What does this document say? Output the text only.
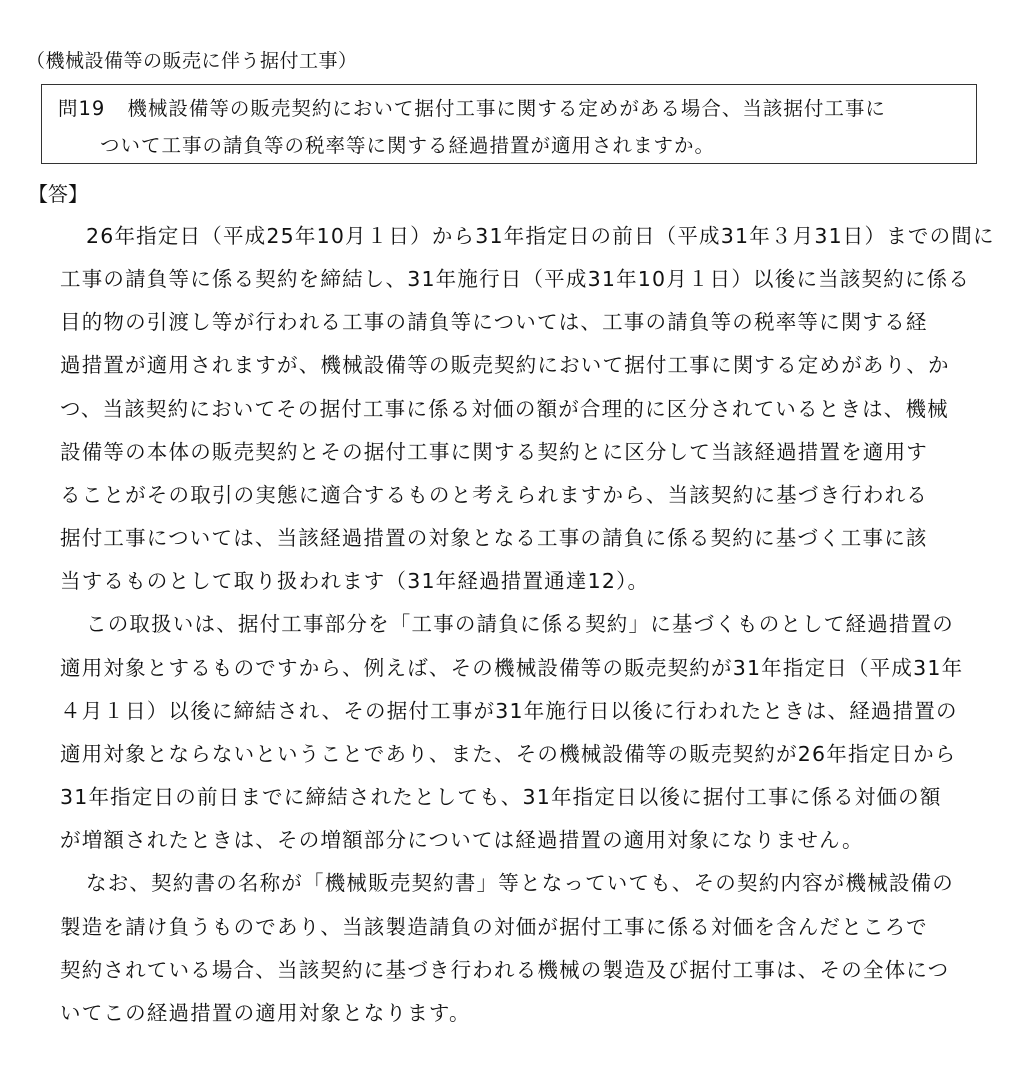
（機械設備等の販売に伴う据付工事）
問19 機械設備等の販売契約において据付工事に関する定めがある場合、当該据付工事に
ついて工事の請負等の税率等に関する経過措置が適用されますか。
【答】
26年指定日（平成25年10月１日）から31年指定日の前日（平成31年３月31日）までの間に
工事の請負等に係る契約を締結し、31年施行日（平成31年10月１日）以後に当該契約に係る
目的物の引渡し等が行われる工事の請負等については、工事の請負等の税率等に関する経
過措置が適用されますが、機械設備等の販売契約において据付工事に関する定めがあり、か
つ、当該契約においてその据付工事に係る対価の額が合理的に区分されているときは、機械
設備等の本体の販売契約とその据付工事に関する契約とに区分して当該経過措置を適用す
ることがその取引の実態に適合するものと考えられますから、当該契約に基づき行われる
据付工事については、当該経過措置の対象となる工事の請負に係る契約に基づく工事に該
当するものとして取り扱われます（31年経過措置通達12）。
この取扱いは、据付工事部分を「工事の請負に係る契約」に基づくものとして経過措置の
適用対象とするものですから、例えば、その機械設備等の販売契約が31年指定日（平成31年
４月１日）以後に締結され、その据付工事が31年施行日以後に行われたときは、経過措置の
適用対象とならないということであり、また、その機械設備等の販売契約が26年指定日から
31年指定日の前日までに締結されたとしても、31年指定日以後に据付工事に係る対価の額
が増額されたときは、その増額部分については経過措置の適用対象になりません。
なお、契約書の名称が「機械販売契約書」等となっていても、その契約内容が機械設備の
製造を請け負うものであり、当該製造請負の対価が据付工事に係る対価を含んだところで
契約されている場合、当該契約に基づき行われる機械の製造及び据付工事は、その全体につ
いてこの経過措置の適用対象となります。
